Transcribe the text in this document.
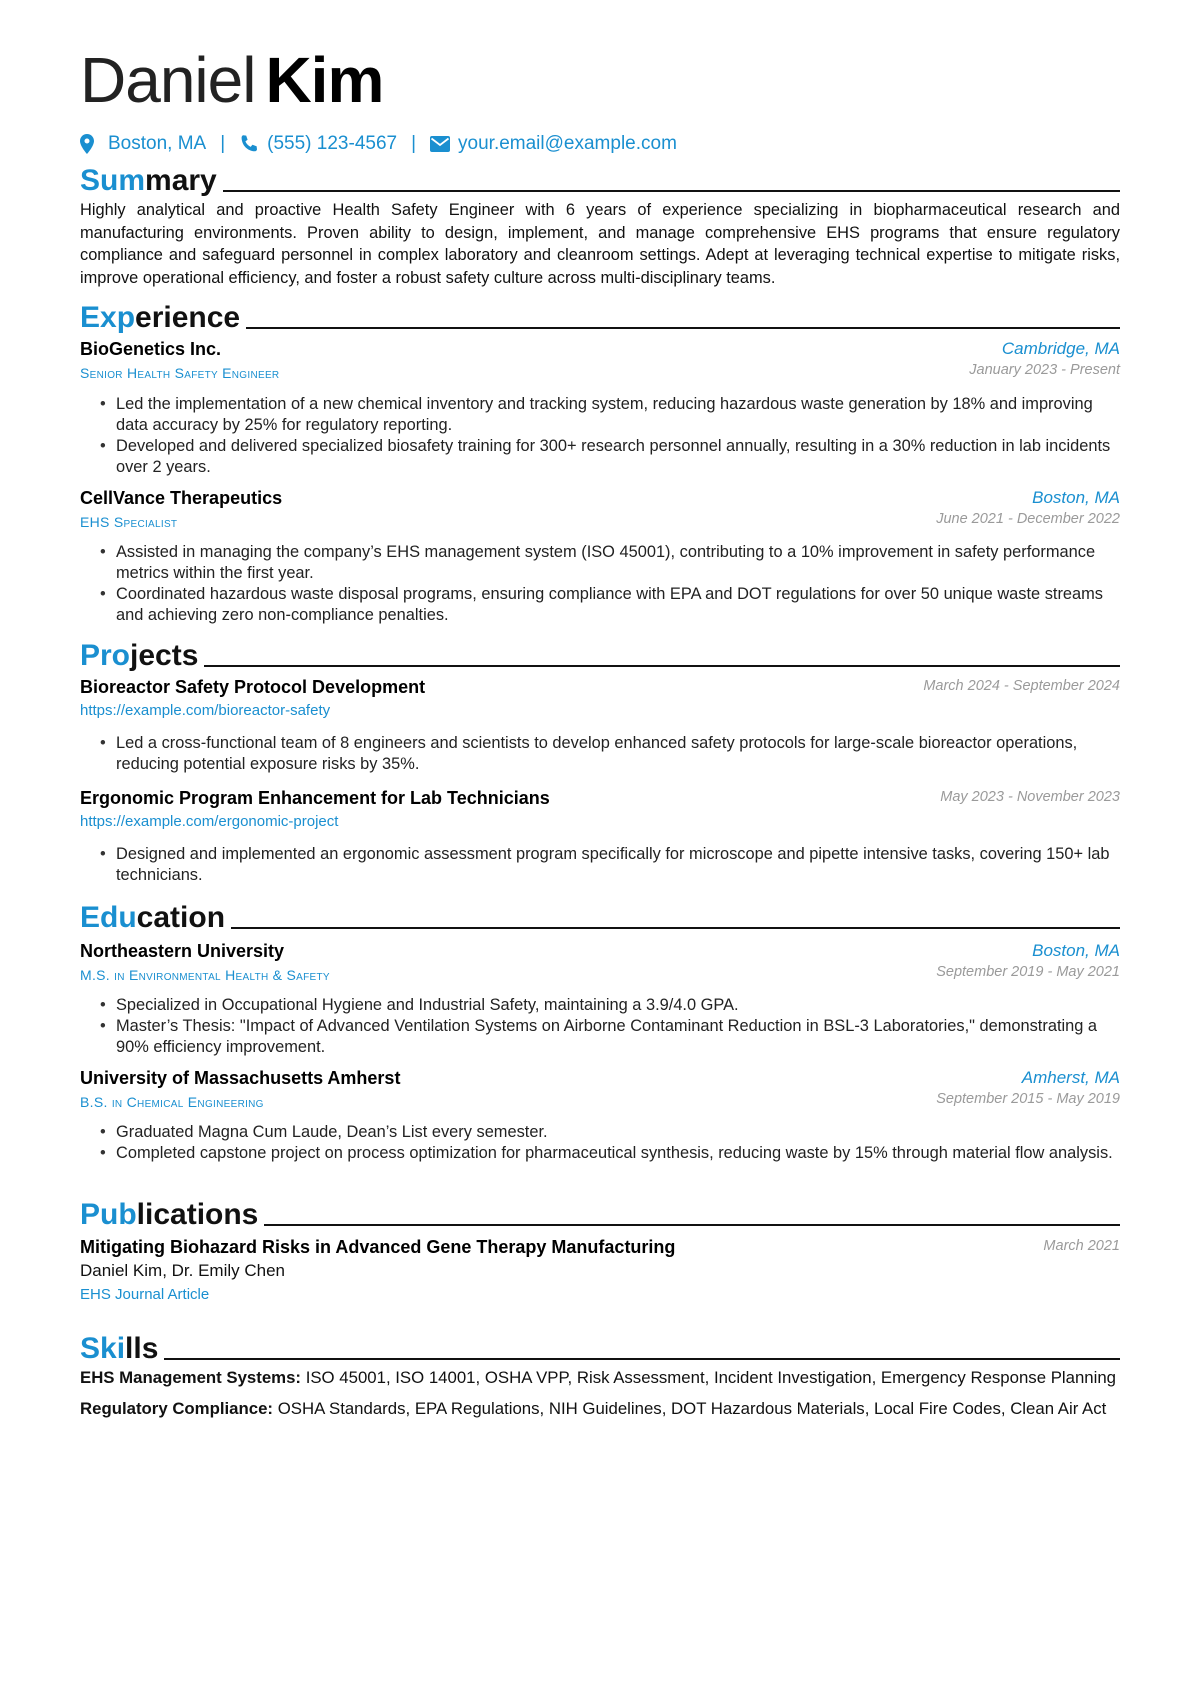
Daniel Kim
Boston, MA | (555) 123-4567 | your.email@example.com
Summary
Highly analytical and proactive Health Safety Engineer with 6 years of experience specializing in biopharmaceutical research and manufacturing environments. Proven ability to design, implement, and manage comprehensive EHS programs that ensure regulatory compliance and safeguard personnel in complex laboratory and cleanroom settings. Adept at leveraging technical expertise to mitigate risks, improve operational efficiency, and foster a robust safety culture across multi-disciplinary teams.
Experience
BioGenetics Inc.	Cambridge, MA
Senior Health Safety Engineer	January 2023 - Present
• Led the implementation of a new chemical inventory and tracking system, reducing hazardous waste generation by 18% and improving data accuracy by 25% for regulatory reporting.
• Developed and delivered specialized biosafety training for 300+ research personnel annually, resulting in a 30% reduction in lab incidents over 2 years.
CellVance Therapeutics	Boston, MA
EHS Specialist	June 2021 - December 2022
• Assisted in managing the company’s EHS management system (ISO 45001), contributing to a 10% improvement in safety performance metrics within the first year.
• Coordinated hazardous waste disposal programs, ensuring compliance with EPA and DOT regulations for over 50 unique waste streams and achieving zero non-compliance penalties.
Projects
Bioreactor Safety Protocol Development	March 2024 - September 2024
https://example.com/bioreactor-safety
• Led a cross-functional team of 8 engineers and scientists to develop enhanced safety protocols for large-scale bioreactor operations, reducing potential exposure risks by 35%.
Ergonomic Program Enhancement for Lab Technicians	May 2023 - November 2023
https://example.com/ergonomic-project
• Designed and implemented an ergonomic assessment program specifically for microscope and pipette intensive tasks, covering 150+ lab technicians.
Education
Northeastern University	Boston, MA
M.S. in Environmental Health & Safety	September 2019 - May 2021
• Specialized in Occupational Hygiene and Industrial Safety, maintaining a 3.9/4.0 GPA.
• Master’s Thesis: "Impact of Advanced Ventilation Systems on Airborne Contaminant Reduction in BSL-3 Laboratories," demonstrating a 90% efficiency improvement.
University of Massachusetts Amherst	Amherst, MA
B.S. in Chemical Engineering	September 2015 - May 2019
• Graduated Magna Cum Laude, Dean’s List every semester.
• Completed capstone project on process optimization for pharmaceutical synthesis, reducing waste by 15% through material flow analysis.
Publications
Mitigating Biohazard Risks in Advanced Gene Therapy Manufacturing	March 2021
Daniel Kim, Dr. Emily Chen
EHS Journal Article
Skills
EHS Management Systems: ISO 45001, ISO 14001, OSHA VPP, Risk Assessment, Incident Investigation, Emergency Response Planning
Regulatory Compliance: OSHA Standards, EPA Regulations, NIH Guidelines, DOT Hazardous Materials, Local Fire Codes, Clean Air Act
